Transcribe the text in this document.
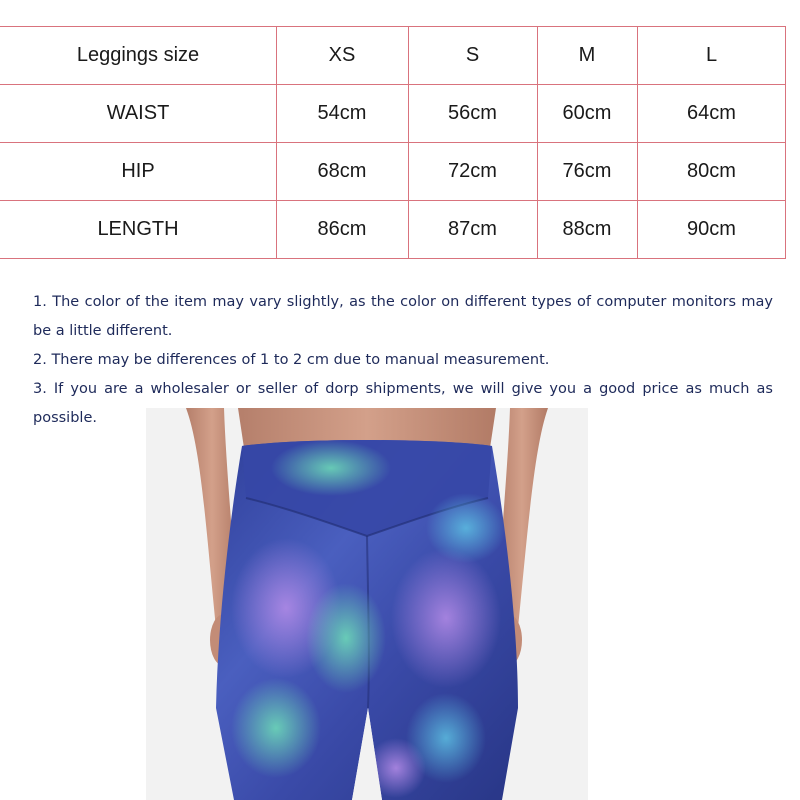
Leggings size	XS	S	M	L
WAIST	54cm	56cm	60cm	64cm
HIP	68cm	72cm	76cm	80cm
LENGTH	86cm	87cm	88cm	90cm

1. The color of the item may vary slightly, as the color on different types of computer monitors may be a little different.

2. There may be differences of 1 to 2 cm due to manual measurement.

3. If you are a wholesaler or seller of dorp shipments, we will give you a good price as much as possible.
